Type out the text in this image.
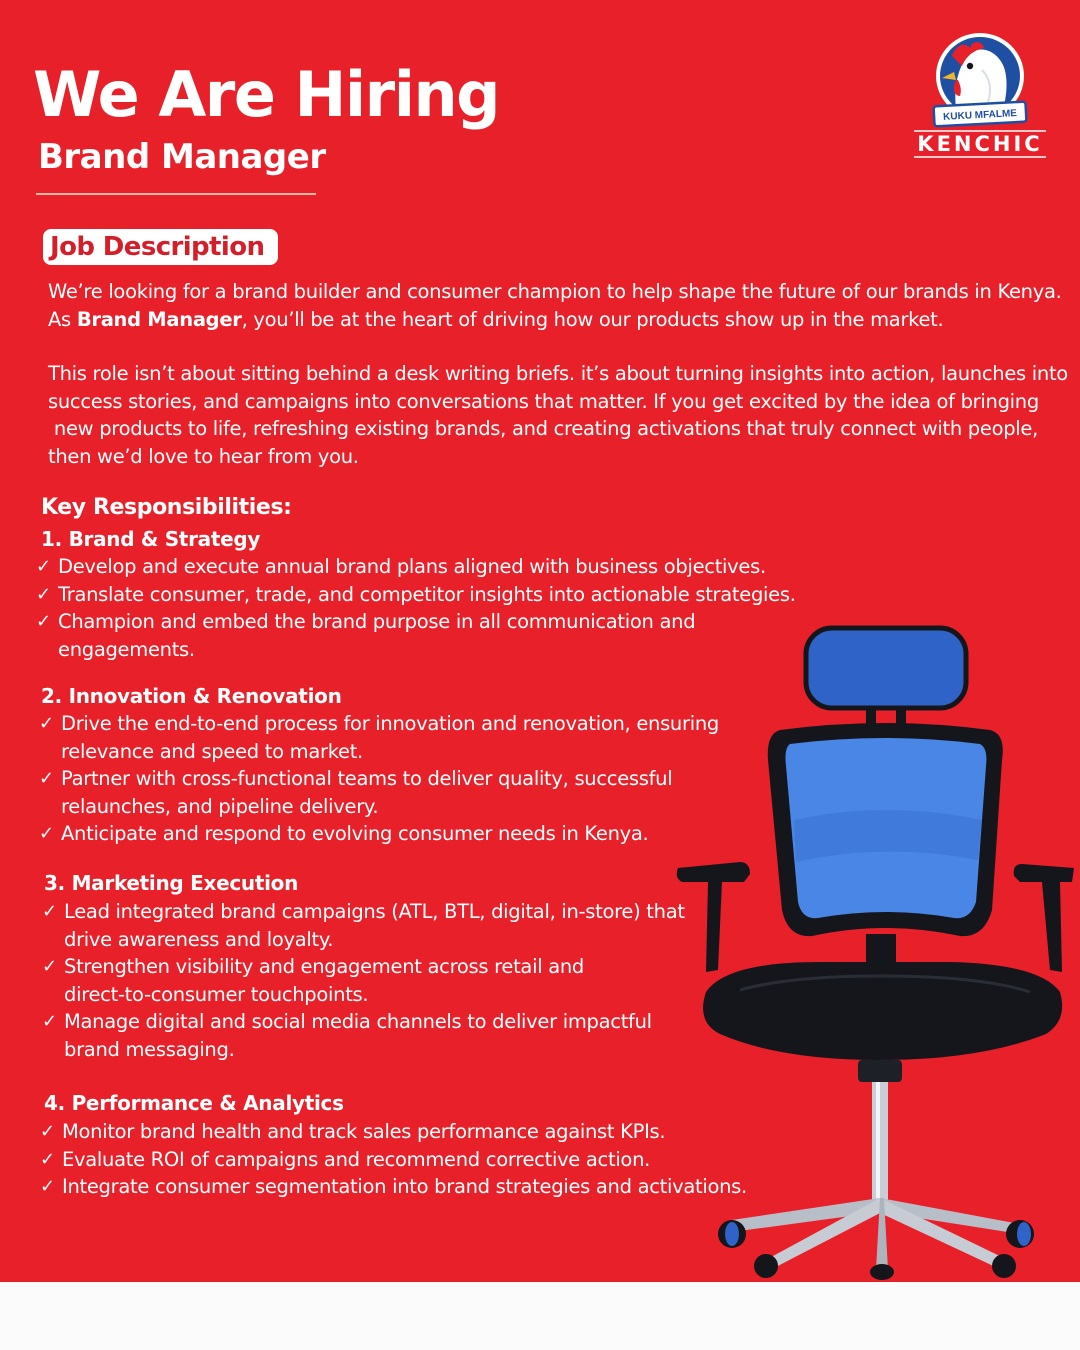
We Are Hiring
Brand Manager
KUKU MFALME
KENCHIC
Job Description

We’re looking for a brand builder and consumer champion to help shape the future of our brands in Kenya.

As Brand Manager, you’ll be at the heart of driving how our products show up in the market.

This role isn’t about sitting behind a desk writing briefs. it’s about turning insights into action, launches into

success stories, and campaigns into conversations that matter. If you get excited by the idea of bringing

new products to life, refreshing existing brands, and creating activations that truly connect with people,

then we’d love to hear from you.

Key Responsibilities:
1. Brand & Strategy
✓ Develop and execute annual brand plans aligned with business objectives.
✓ Translate consumer, trade, and competitor insights into actionable strategies.
✓ Champion and embed the brand purpose in all communication and
engagements.
2. Innovation & Renovation
✓ Drive the end-to-end process for innovation and renovation, ensuring
relevance and speed to market.
✓ Partner with cross-functional teams to deliver quality, successful
relaunches, and pipeline delivery.
✓ Anticipate and respond to evolving consumer needs in Kenya.
3. Marketing Execution
✓ Lead integrated brand campaigns (ATL, BTL, digital, in-store) that
drive awareness and loyalty.
✓ Strengthen visibility and engagement across retail and
direct-to-consumer touchpoints.
✓ Manage digital and social media channels to deliver impactful
brand messaging.
4. Performance & Analytics
✓ Monitor brand health and track sales performance against KPIs.
✓ Evaluate ROI of campaigns and recommend corrective action.
✓ Integrate consumer segmentation into brand strategies and activations.
